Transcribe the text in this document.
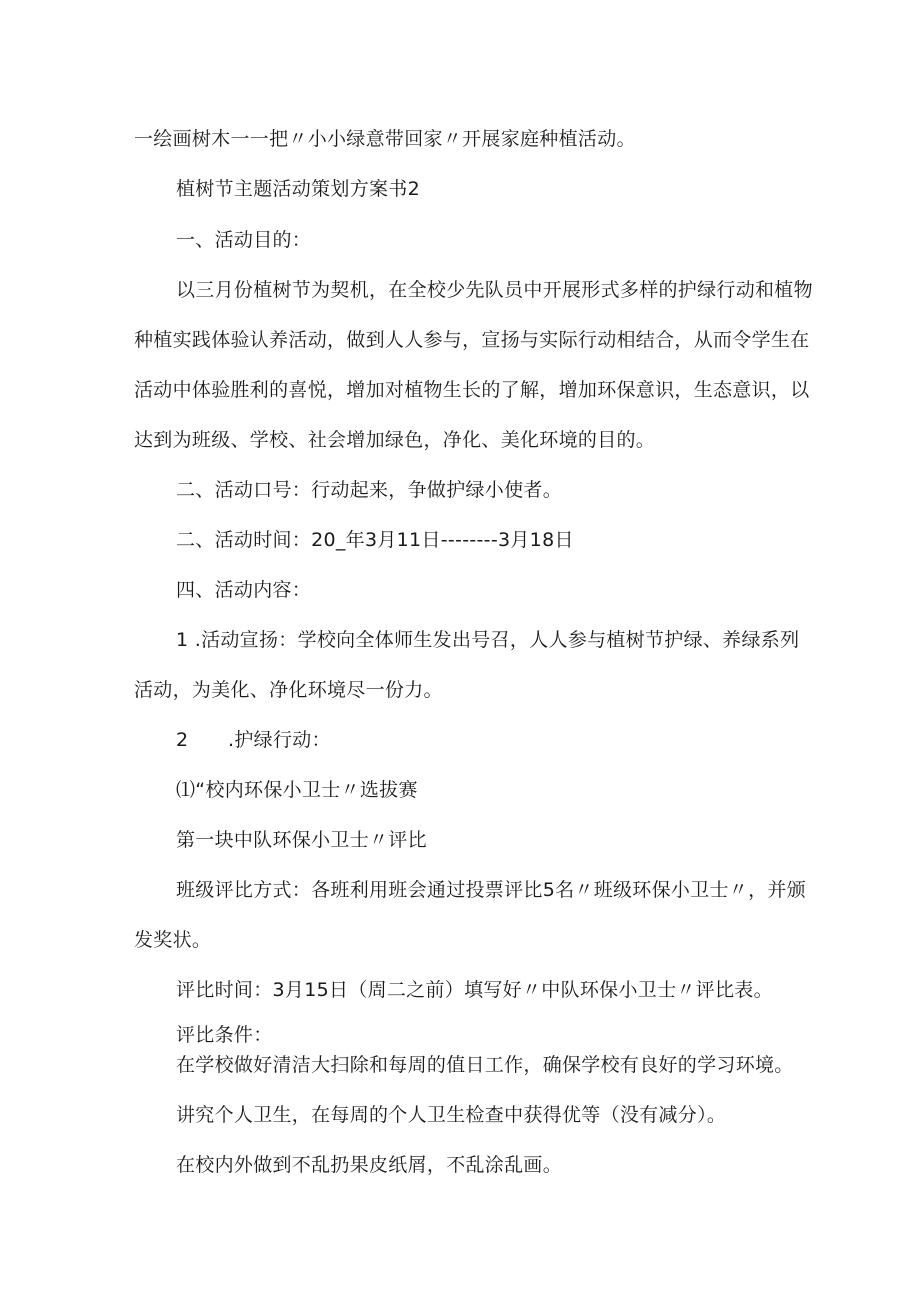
一绘画树木一一把〃小小绿意带回家〃开展家庭种植活动。
植树节主题活动策划方案书2
一、活动目的：
以三月份植树节为契机，在全校少先队员中开展形式多样的护绿行动和植物
种植实践体验认养活动，做到人人参与，宣扬与实际行动相结合，从而令学生在
活动中体验胜利的喜悦，增加对植物生长的了解，增加环保意识，生态意识，以
达到为班级、学校、社会增加绿色，净化、美化环境的目的。
二、活动口号：行动起来，争做护绿小使者。
二、活动时间：20_年3月11日--------3月18日
四、活动内容：
1 .活动宣扬：学校向全体师生发出号召，人人参与植树节护绿、养绿系列
活动，为美化、净化环境尽一份力。
2 .护绿行动：
⑴“校内环保小卫士〃选拔赛
第一块中队环保小卫士〃评比
班级评比方式：各班利用班会通过投票评比5名〃班级环保小卫士〃，并颁
发奖状。
评比时间：3月15日（周二之前）填写好〃中队环保小卫士〃评比表。
评比条件：
在学校做好清洁大扫除和每周的值日工作，确保学校有良好的学习环境。
讲究个人卫生，在每周的个人卫生检查中获得优等（没有减分）。
在校内外做到不乱扔果皮纸屑，不乱涂乱画。
